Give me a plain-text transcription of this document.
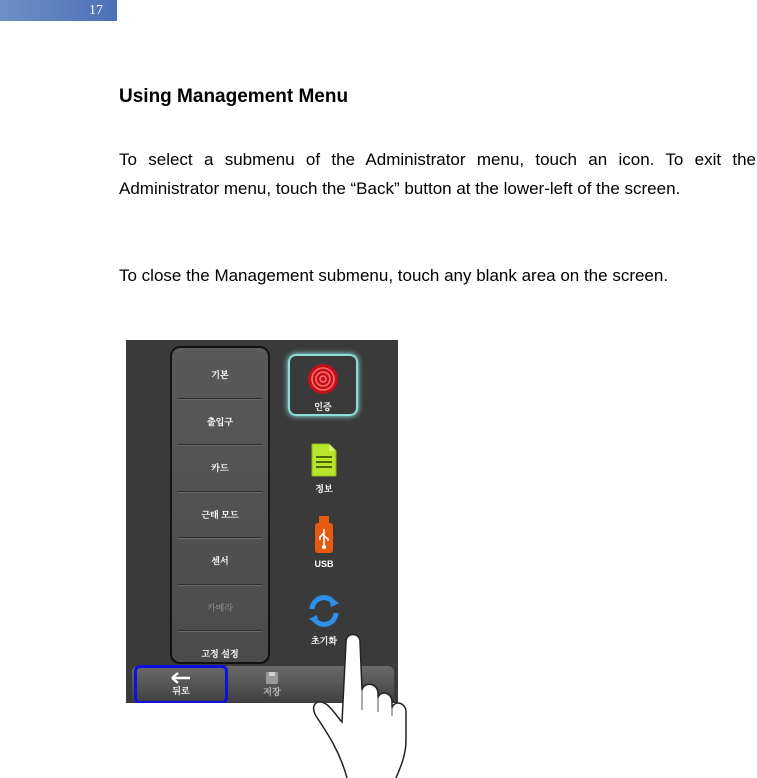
17
Using Management Menu

To select a submenu of the Administrator menu, touch an icon. To exit the Administrator menu, touch the “Back” button at the lower-left of the screen.

To close the Management submenu, touch any blank area on the screen.

기본
출입구
카드
근태 모드
센서
카메라
고정 설정
인증
정보
USB
초기화
뒤로	저장
